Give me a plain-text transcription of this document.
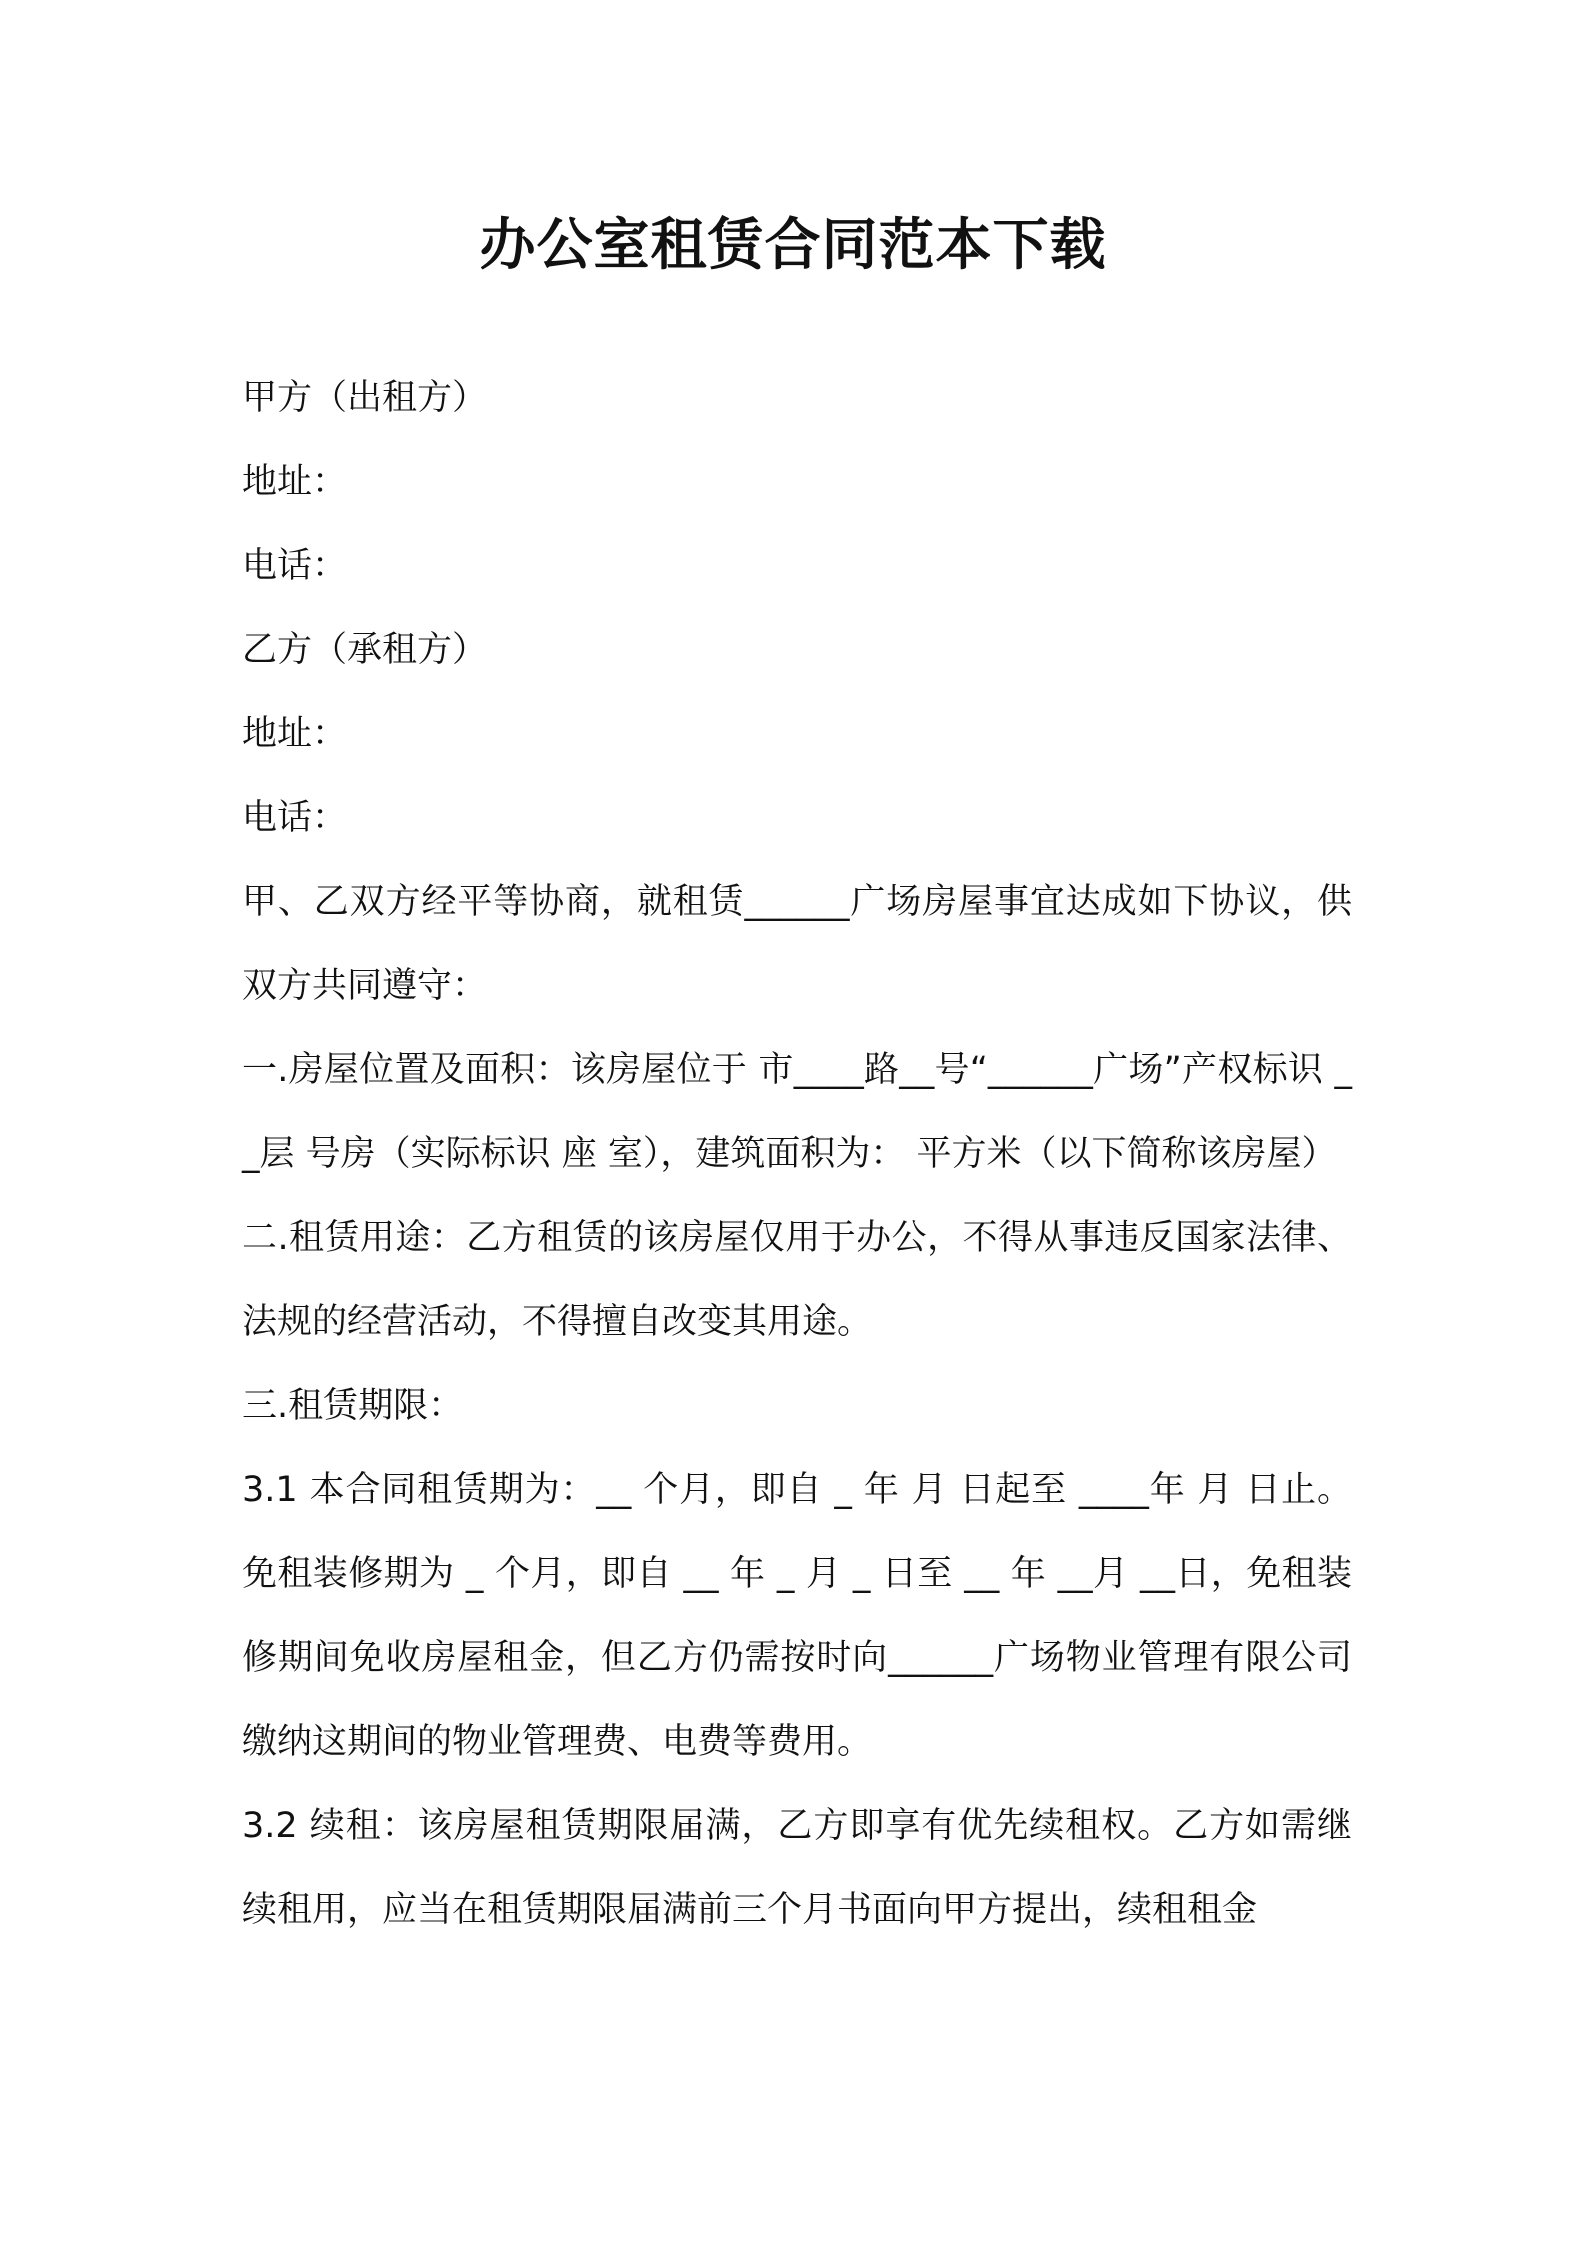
办公室租赁合同范本下载

甲方（出租方）

地址：

电话：

乙方（承租方）

地址：

电话：

甲、乙双方经平等协商，就租赁______广场房屋事宜达成如下协议，供双方共同遵守：

一.房屋位置及面积：该房屋位于 市____路__号“______广场”产权标识 __层 号房（实际标识 座 室），建筑面积为： 平方米（以下简称该房屋）

二.租赁用途：乙方租赁的该房屋仅用于办公，不得从事违反国家法律、法规的经营活动，不得擅自改变其用途。

三.租赁期限：

3.1 本合同租赁期为：__ 个月，即自 _ 年 月 日起至 ____年 月 日止。免租装修期为 _ 个月，即自 __ 年 _ 月 _ 日至 __ 年 __月 __日，免租装修期间免收房屋租金，但乙方仍需按时向______广场物业管理有限公司缴纳这期间的物业管理费、电费等费用。

3.2 续租：该房屋租赁期限届满，乙方即享有优先续租权。乙方如需继续租用，应当在租赁期限届满前三个月书面向甲方提出，续租租金
